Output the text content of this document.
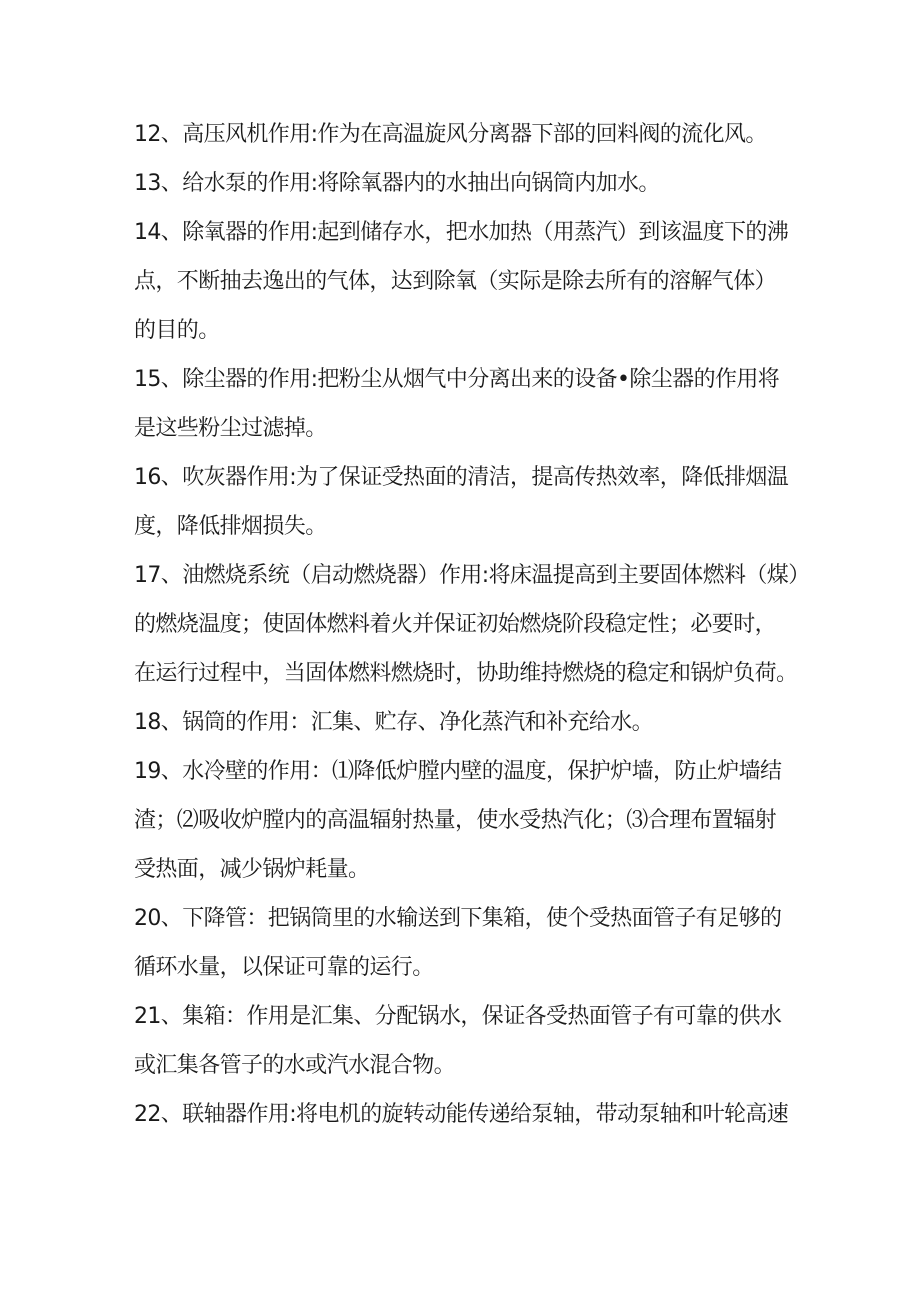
12、高压风机作用:作为在高温旋风分离器下部的回料阀的流化风。
13、给水泵的作用:将除氧器内的水抽出向锅筒内加水。
14、除氧器的作用:起到储存水，把水加热（用蒸汽）到该温度下的沸
点，不断抽去逸出的气体，达到除氧（实际是除去所有的溶解气体）
的目的。
15、除尘器的作用:把粉尘从烟气中分离出来的设备•除尘器的作用将
是这些粉尘过滤掉。
16、吹灰器作用:为了保证受热面的清洁，提高传热效率，降低排烟温
度，降低排烟损失。
17、油燃烧系统（启动燃烧器）作用:将床温提高到主要固体燃料（煤）
的燃烧温度；使固体燃料着火并保证初始燃烧阶段稳定性；必要时，
在运行过程中，当固体燃料燃烧时，协助维持燃烧的稳定和锅炉负荷。
18、锅筒的作用：汇集、贮存、净化蒸汽和补充给水。
19、水冷壁的作用：⑴降低炉膛内壁的温度，保护炉墙，防止炉墙结
渣；⑵吸收炉膛内的高温辐射热量，使水受热汽化；⑶合理布置辐射
受热面，减少锅炉耗量。
20、下降管：把锅筒里的水输送到下集箱，使个受热面管子有足够的
循环水量，以保证可靠的运行。
21、集箱：作用是汇集、分配锅水，保证各受热面管子有可靠的供水
或汇集各管子的水或汽水混合物。
22、联轴器作用:将电机的旋转动能传递给泵轴，带动泵轴和叶轮高速
